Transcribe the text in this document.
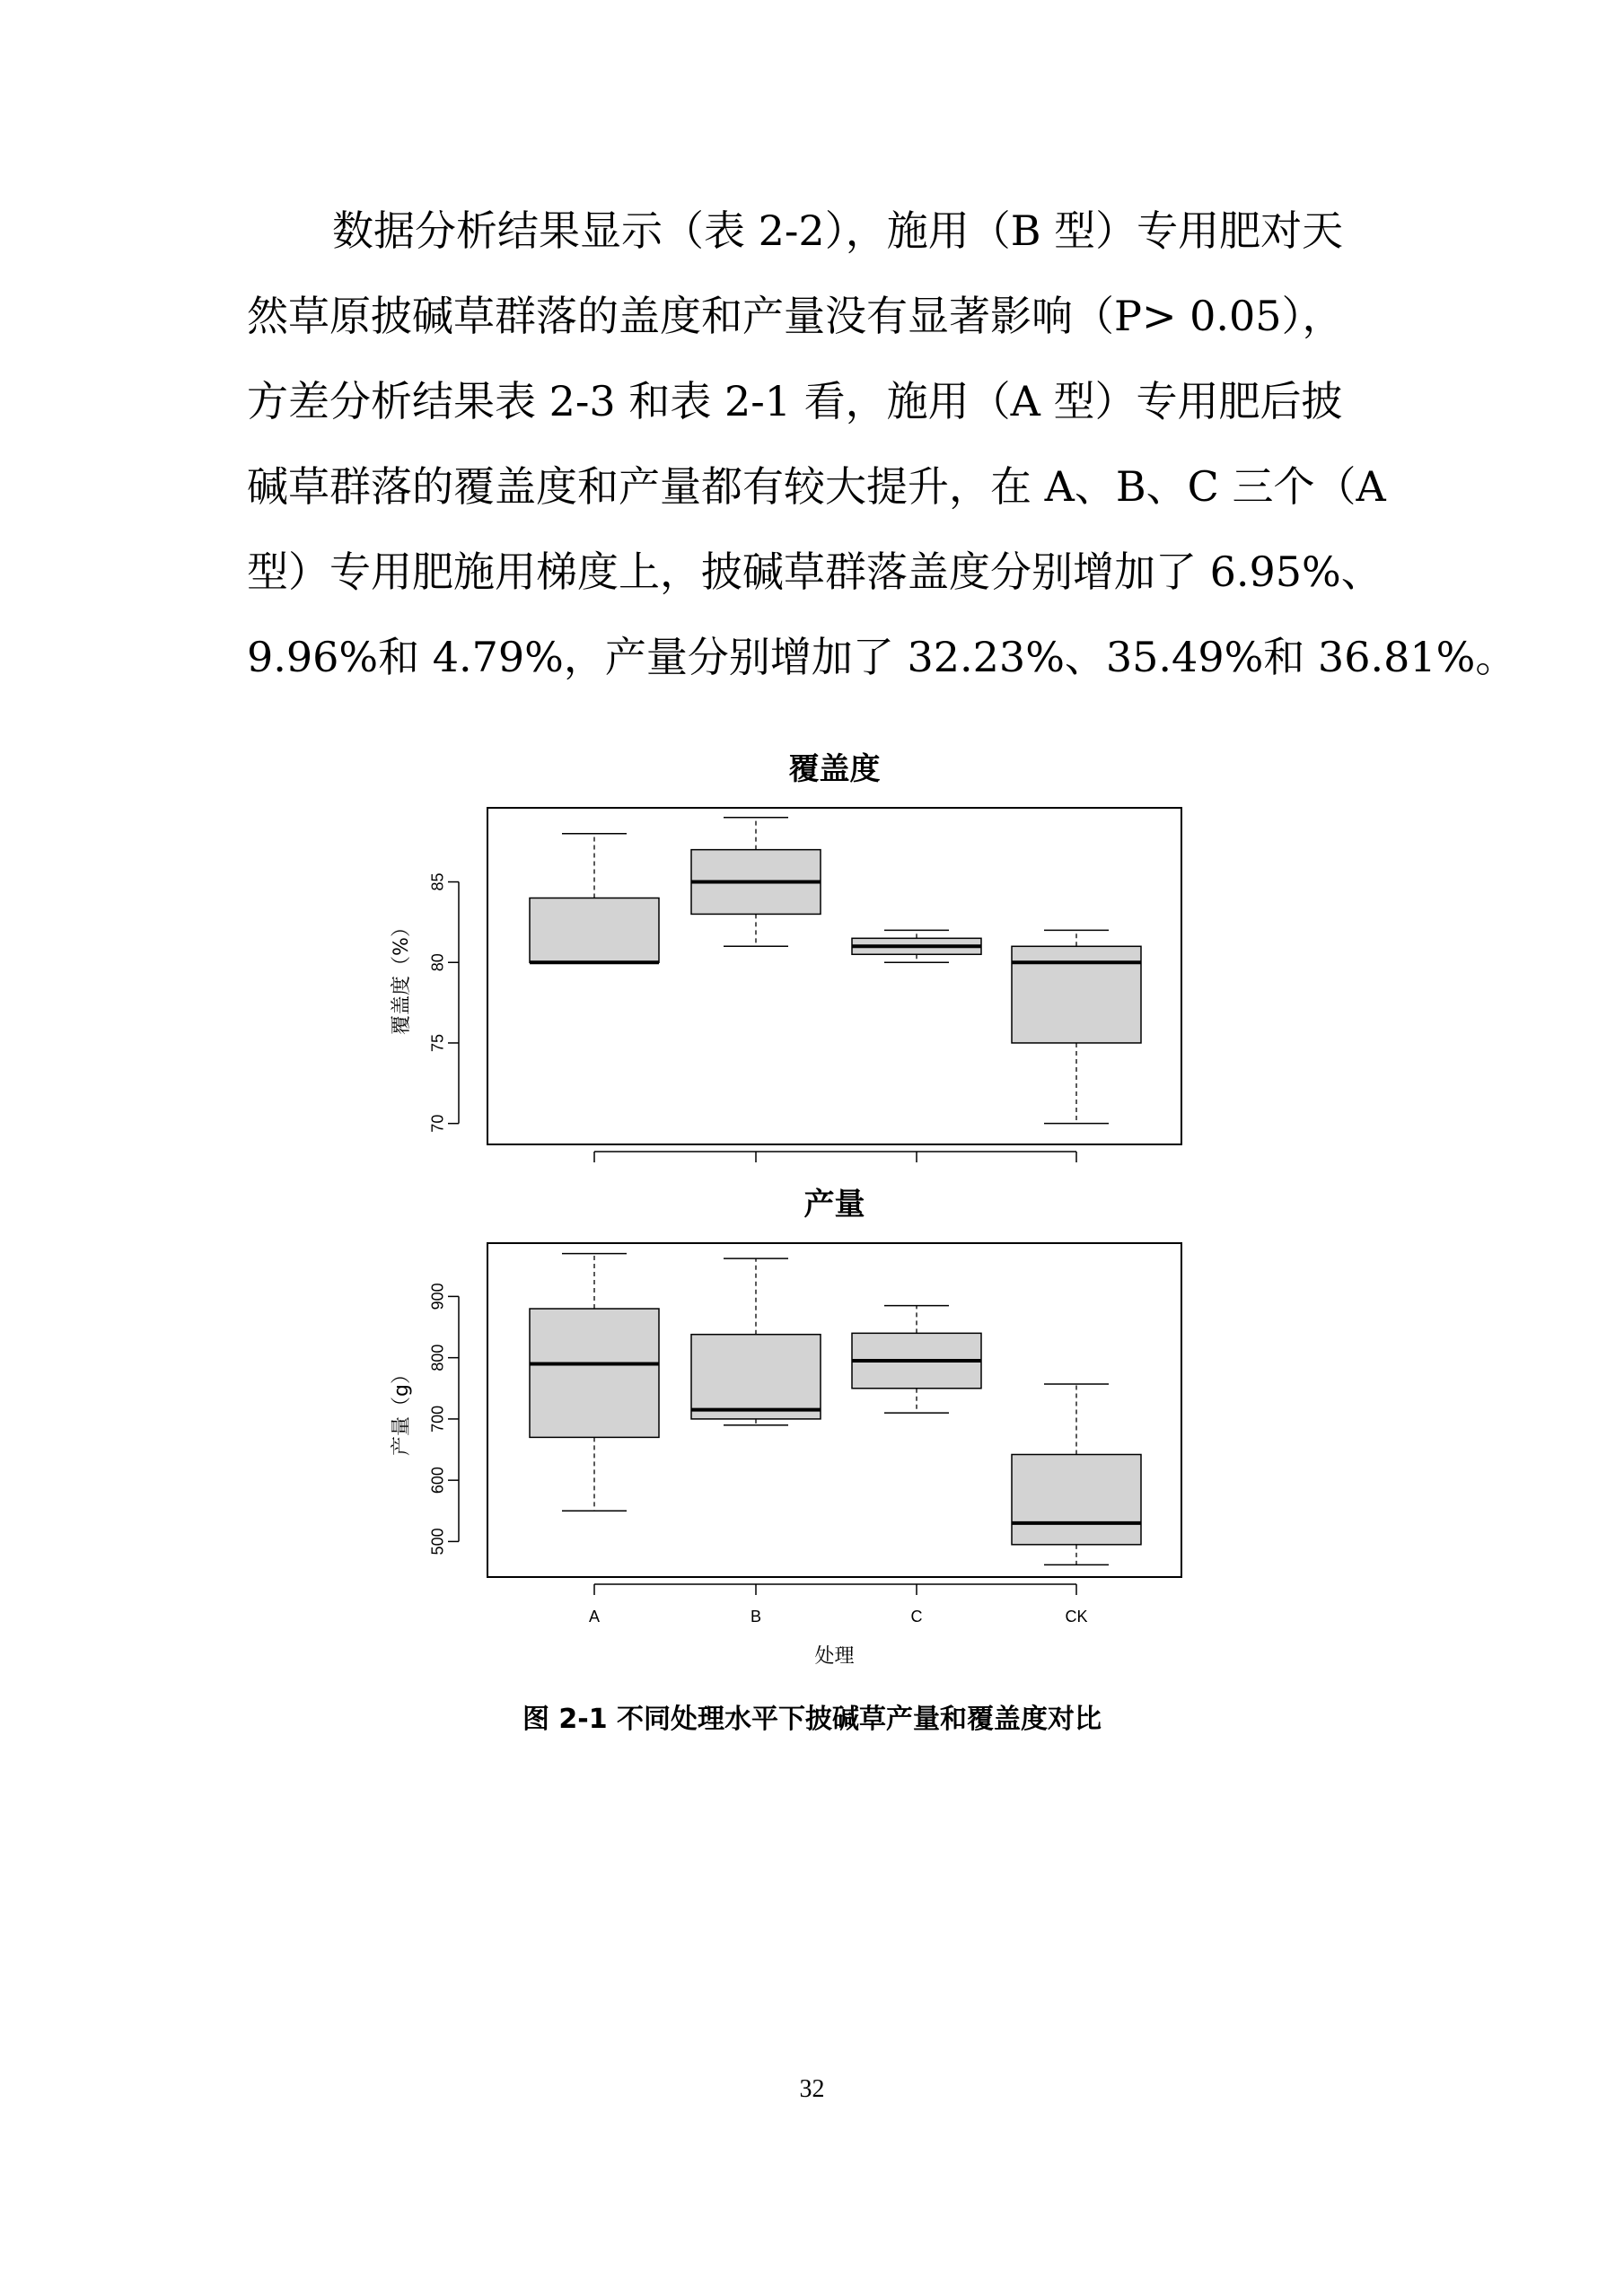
数据分析结果显示（表 2-2），施用（B 型）专用肥对天
然草原披碱草群落的盖度和产量没有显著影响（P> 0.05），
方差分析结果表 2-3 和表 2-1 看，施用（A 型）专用肥后披
碱草群落的覆盖度和产量都有较大提升，在 A、B、C 三个（A
型）专用肥施用梯度上，披碱草群落盖度分别增加了 6.95%、
9.96%和 4.79%，产量分别增加了 32.23%、35.49%和 36.81%。
覆盖度
70
75
80
85
覆盖度（%）
产量
500
600
700
800
900
产量（g）
A	B	C	CK
处理
图 2-1 不同处理水平下披碱草产量和覆盖度对比
32
